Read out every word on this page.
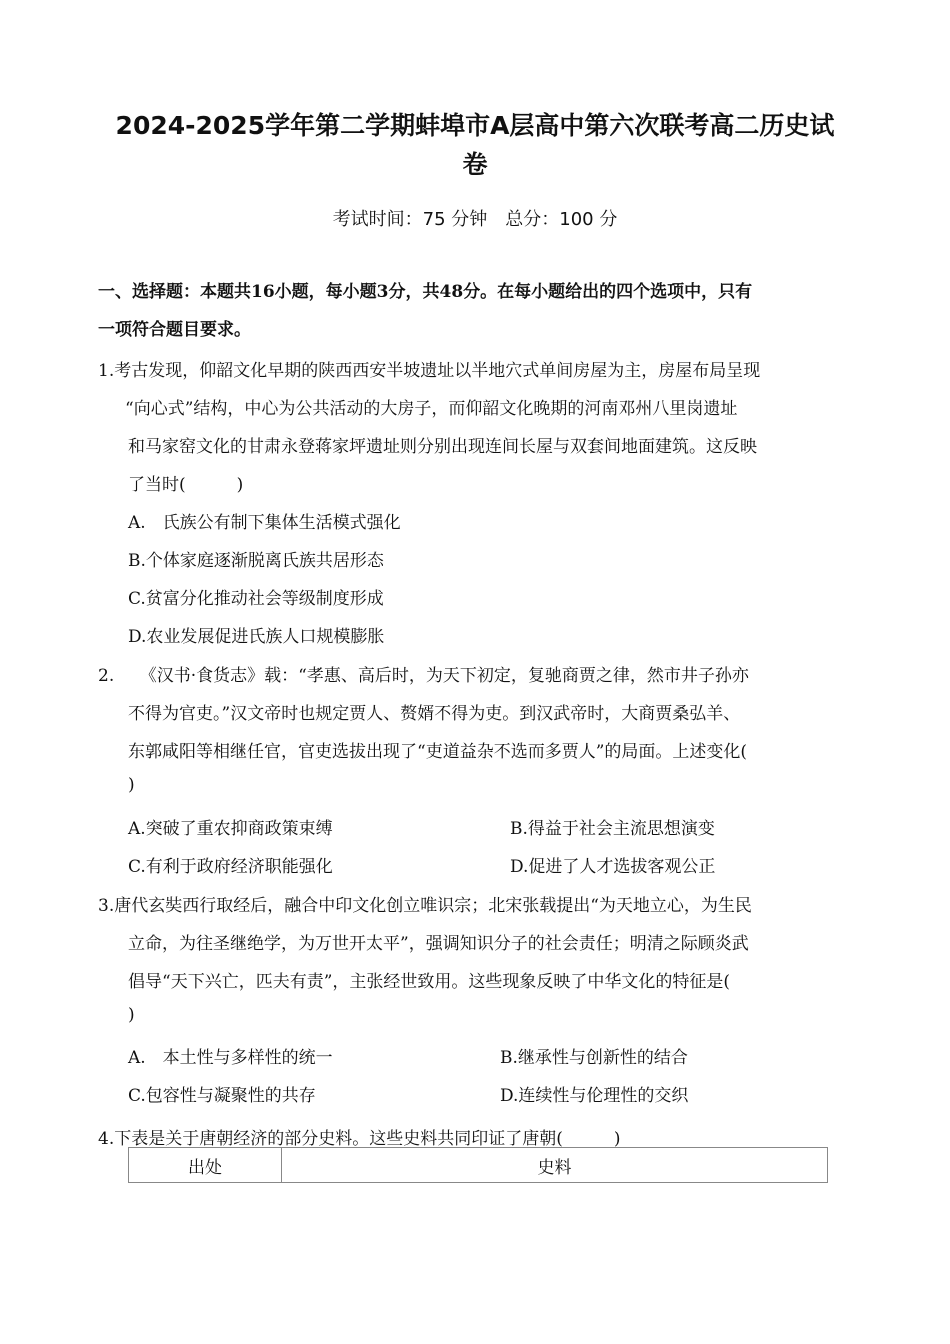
2024-2025学年第二学期蚌埠市A层高中第六次联考高二历史试
卷
考试时间：75 分钟　 总分：100 分
一、选择题：本题共16小题，每小题3分，共48分。在每小题给出的四个选项中，只有
一项符合题目要求。
1.考古发现，仰韶文化早期的陕西西安半坡遗址以半地穴式单间房屋为主，房屋布局呈现
“向心式”结构，中心为公共活动的大房子，而仰韶文化晚期的河南邓州八里岗遗址
和马家窑文化的甘肃永登蒋家坪遗址则分别出现连间长屋与双套间地面建筑。这反映
了当时(　　　)
A.　氏族公有制下集体生活模式强化
B.个体家庭逐渐脱离氏族共居形态
C.贫富分化推动社会等级制度形成
D.农业发展促进氏族人口规模膨胀
2.　　《汉书·食货志》载：“孝惠、高后时，为天下初定，复驰商贾之律，然市井子孙亦
不得为官吏。”汉文帝时也规定贾人、赘婿不得为吏。到汉武帝时，大商贾桑弘羊、
东郭咸阳等相继任官，官吏选拔出现了“吏道益杂不选而多贾人”的局面。上述变化(
)
A.突破了重农抑商政策束缚	B.得益于社会主流思想演变
C.有利于政府经济职能强化	D.促进了人才选拔客观公正
3.唐代玄奘西行取经后，融合中印文化创立唯识宗；北宋张载提出“为天地立心，为生民
立命，为往圣继绝学，为万世开太平”，强调知识分子的社会责任；明清之际顾炎武
倡导“天下兴亡，匹夫有责”，主张经世致用。这些现象反映了中华文化的特征是(
)
A.　本土性与多样性的统一	B.继承性与创新性的结合
C.包容性与凝聚性的共存	D.连续性与伦理性的交织
4.下表是关于唐朝经济的部分史料。这些史料共同印证了唐朝(　　　)
出处	史料
